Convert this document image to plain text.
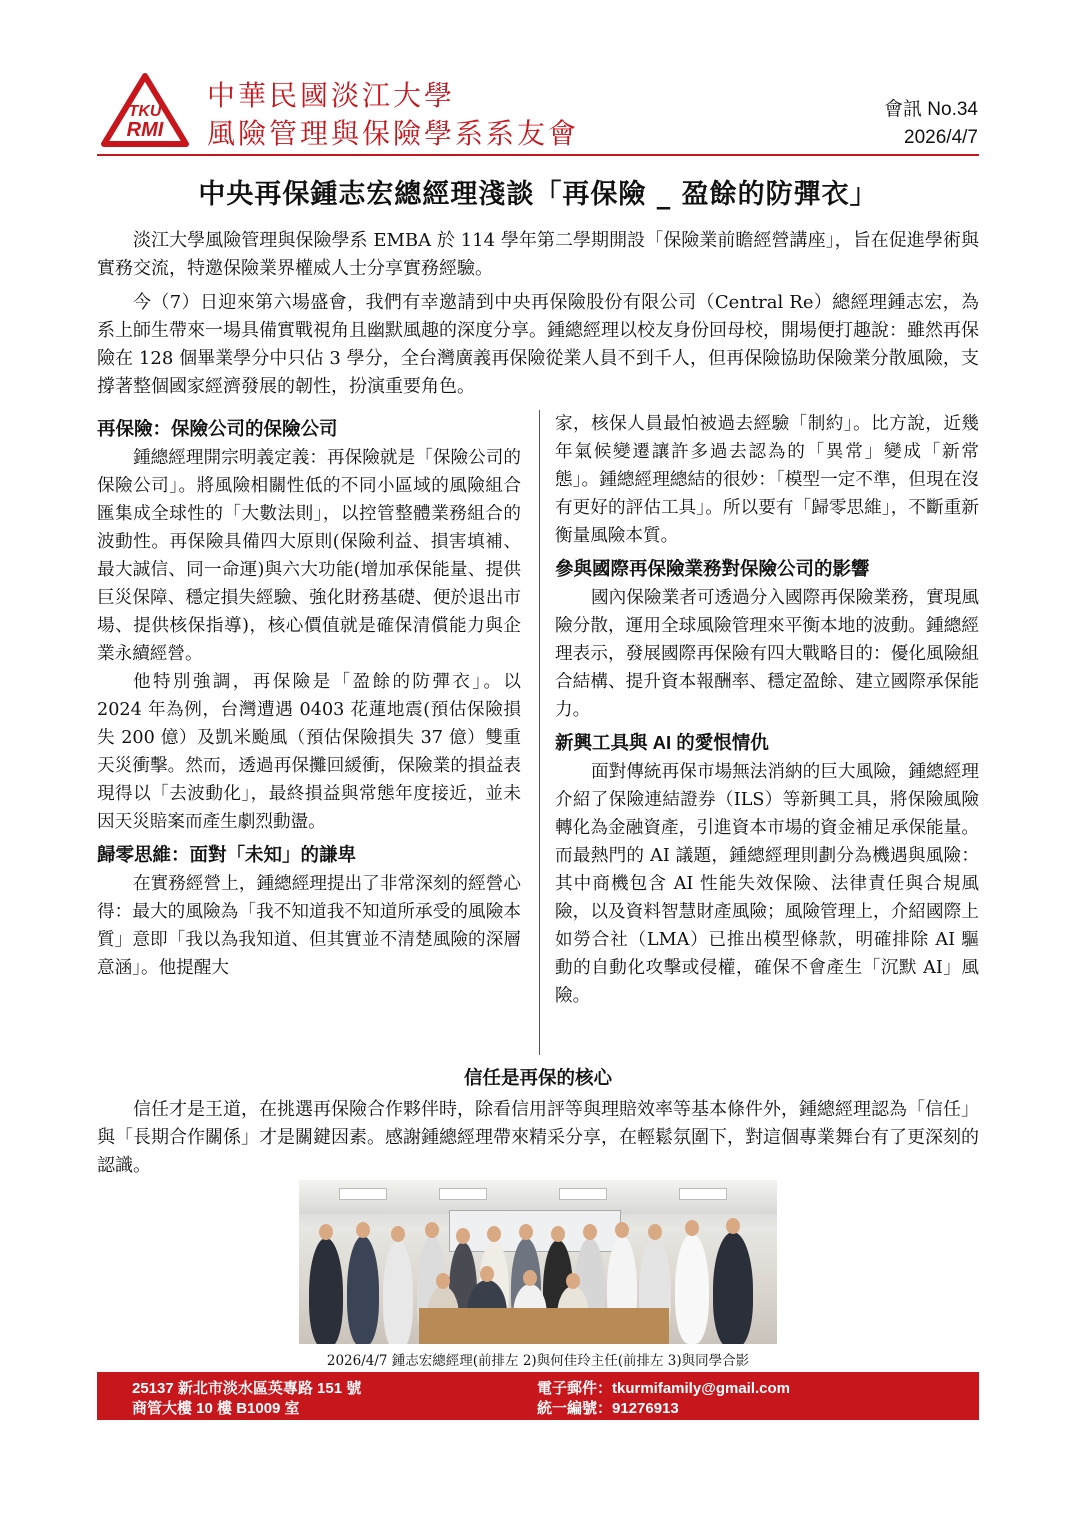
TKU
RMI
中華民國淡江大學
風險管理與保險學系系友會
會訊 No.34
2026/4/7
中央再保鍾志宏總經理淺談「再保險 _ 盈餘的防彈衣」

淡江大學風險管理與保險學系 EMBA 於 114 學年第二學期開設「保險業前瞻經營講座」，旨在促進學術與實務交流，特邀保險業界權威人士分享實務經驗。

今（7）日迎來第六場盛會，我們有幸邀請到中央再保險股份有限公司（Central Re）總經理鍾志宏，為系上師生帶來一場具備實戰視角且幽默風趣的深度分享。鍾總經理以校友身份回母校，開場便打趣說：雖然再保險在 128 個畢業學分中只佔 3 學分，全台灣廣義再保險從業人員不到千人，但再保險協助保險業分散風險，支撐著整個國家經濟發展的韌性，扮演重要角色。

再保險：保險公司的保險公司

鍾總經理開宗明義定義：再保險就是「保險公司的保險公司」。將風險相關性低的不同小區域的風險組合匯集成全球性的「大數法則」，以控管整體業務組合的波動性。再保險具備四大原則(保險利益、損害填補、最大誠信、同一命運)與六大功能(增加承保能量、提供巨災保障、穩定損失經驗、強化財務基礎、便於退出市場、提供核保指導)，核心價值就是確保清償能力與企業永續經營。

他特別強調，再保險是「盈餘的防彈衣」。以 2024 年為例，台灣遭遇 0403 花蓮地震(預估保險損失 200 億）及凱米颱風（預估保險損失 37 億）雙重天災衝擊。然而，透過再保攤回緩衝，保險業的損益表現得以「去波動化」，最終損益與常態年度接近，並未因天災賠案而產生劇烈動盪。

歸零思維：面對「未知」的謙卑

在實務經營上，鍾總經理提出了非常深刻的經營心得：最大的風險為「我不知道我不知道所承受的風險本質」意即「我以為我知道、但其實並不清楚風險的深層意涵」。他提醒大

家，核保人員最怕被過去經驗「制約」。比方說，近幾年氣候變遷讓許多過去認為的「異常」變成「新常態」。鍾總經理總結的很妙：「模型一定不準，但現在沒有更好的評估工具」。所以要有「歸零思維」，不斷重新衡量風險本質。

參與國際再保險業務對保險公司的影響

國內保險業者可透過分入國際再保險業務，實現風險分散，運用全球風險管理來平衡本地的波動。鍾總經理表示，發展國際再保險有四大戰略目的：優化風險組合結構、提升資本報酬率、穩定盈餘、建立國際承保能力。

新興工具與 AI 的愛恨情仇

面對傳統再保市場無法消納的巨大風險，鍾總經理介紹了保險連結證券（ILS）等新興工具，將保險風險轉化為金融資產，引進資本市場的資金補足承保能量。而最熱門的 AI 議題，鍾總經理則劃分為機遇與風險：其中商機包含 AI 性能失效保險、法律責任與合規風險，以及資料智慧財產風險；風險管理上，介紹國際上如勞合社（LMA）已推出模型條款，明確排除 AI 驅動的自動化攻擊或侵權，確保不會產生「沉默 AI」風險。

信任是再保的核心

信任才是王道，在挑選再保險合作夥伴時，除看信用評等與理賠效率等基本條件外，鍾總經理認為「信任」與「長期合作關係」才是關鍵因素。感謝鍾總經理帶來精采分享，在輕鬆氛圍下，對這個專業舞台有了更深刻的認識。

2026/4/7 鍾志宏總經理(前排左 2)與何佳玲主任(前排左 3)與同學合影
25137 新北市淡水區英專路 151 號
商管大樓 10 樓 B1009 室
電子郵件：tkurmifamily@gmail.com
統一編號：91276913
